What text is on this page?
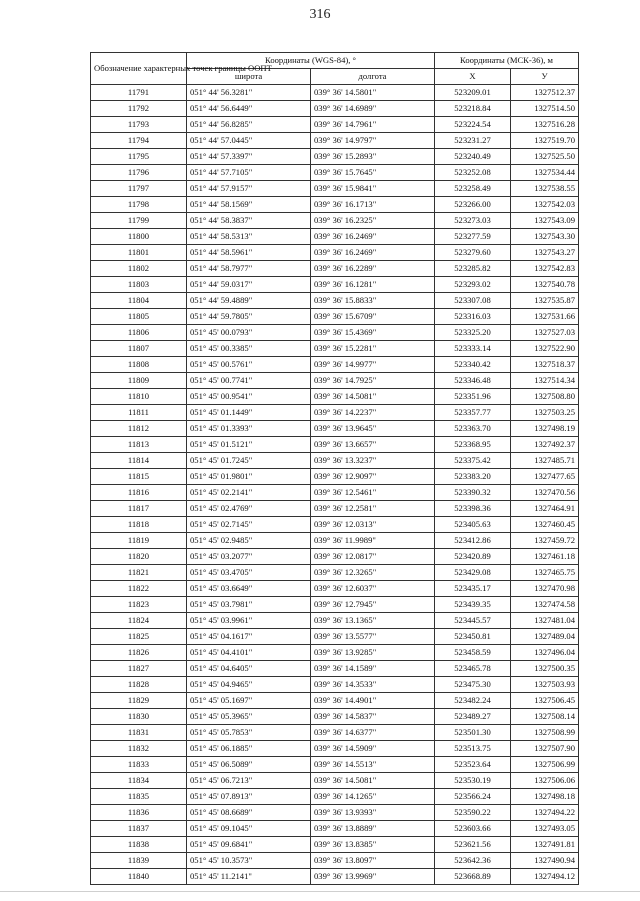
316
Обозначение характерных точек границы ООПТ	Координаты (WGS-84), °		Координаты (МСК-36), м	
	широта	долгота	X	У
11791	051° 44' 56.3281"	039° 36' 14.5801"	523209.01	1327512.37
11792	051° 44' 56.6449"	039° 36' 14.6989"	523218.84	1327514.50
11793	051° 44' 56.8285"	039° 36' 14.7961"	523224.54	1327516.28
11794	051° 44' 57.0445"	039° 36' 14.9797"	523231.27	1327519.70
11795	051° 44' 57.3397"	039° 36' 15.2893"	523240.49	1327525.50
11796	051° 44' 57.7105"	039° 36' 15.7645"	523252.08	1327534.44
11797	051° 44' 57.9157"	039° 36' 15.9841"	523258.49	1327538.55
11798	051° 44' 58.1569"	039° 36' 16.1713"	523266.00	1327542.03
11799	051° 44' 58.3837"	039° 36' 16.2325"	523273.03	1327543.09
11800	051° 44' 58.5313"	039° 36' 16.2469"	523277.59	1327543.30
11801	051° 44' 58.5961"	039° 36' 16.2469"	523279.60	1327543.27
11802	051° 44' 58.7977"	039° 36' 16.2289"	523285.82	1327542.83
11803	051° 44' 59.0317"	039° 36' 16.1281"	523293.02	1327540.78
11804	051° 44' 59.4889"	039° 36' 15.8833"	523307.08	1327535.87
11805	051° 44' 59.7805"	039° 36' 15.6709"	523316.03	1327531.66
11806	051° 45' 00.0793"	039° 36' 15.4369"	523325.20	1327527.03
11807	051° 45' 00.3385"	039° 36' 15.2281"	523333.14	1327522.90
11808	051° 45' 00.5761"	039° 36' 14.9977"	523340.42	1327518.37
11809	051° 45' 00.7741"	039° 36' 14.7925"	523346.48	1327514.34
11810	051° 45' 00.9541"	039° 36' 14.5081"	523351.96	1327508.80
11811	051° 45' 01.1449"	039° 36' 14.2237"	523357.77	1327503.25
11812	051° 45' 01.3393"	039° 36' 13.9645"	523363.70	1327498.19
11813	051° 45' 01.5121"	039° 36' 13.6657"	523368.95	1327492.37
11814	051° 45' 01.7245"	039° 36' 13.3237"	523375.42	1327485.71
11815	051° 45' 01.9801"	039° 36' 12.9097"	523383.20	1327477.65
11816	051° 45' 02.2141"	039° 36' 12.5461"	523390.32	1327470.56
11817	051° 45' 02.4769"	039° 36' 12.2581"	523398.36	1327464.91
11818	051° 45' 02.7145"	039° 36' 12.0313"	523405.63	1327460.45
11819	051° 45' 02.9485"	039° 36' 11.9989"	523412.86	1327459.72
11820	051° 45' 03.2077"	039° 36' 12.0817"	523420.89	1327461.18
11821	051° 45' 03.4705"	039° 36' 12.3265"	523429.08	1327465.75
11822	051° 45' 03.6649"	039° 36' 12.6037"	523435.17	1327470.98
11823	051° 45' 03.7981"	039° 36' 12.7945"	523439.35	1327474.58
11824	051° 45' 03.9961"	039° 36' 13.1365"	523445.57	1327481.04
11825	051° 45' 04.1617"	039° 36' 13.5577"	523450.81	1327489.04
11826	051° 45' 04.4101"	039° 36' 13.9285"	523458.59	1327496.04
11827	051° 45' 04.6405"	039° 36' 14.1589"	523465.78	1327500.35
11828	051° 45' 04.9465"	039° 36' 14.3533"	523475.30	1327503.93
11829	051° 45' 05.1697"	039° 36' 14.4901"	523482.24	1327506.45
11830	051° 45' 05.3965"	039° 36' 14.5837"	523489.27	1327508.14
11831	051° 45' 05.7853"	039° 36' 14.6377"	523501.30	1327508.99
11832	051° 45' 06.1885"	039° 36' 14.5909"	523513.75	1327507.90
11833	051° 45' 06.5089"	039° 36' 14.5513"	523523.64	1327506.99
11834	051° 45' 06.7213"	039° 36' 14.5081"	523530.19	1327506.06
11835	051° 45' 07.8913"	039° 36' 14.1265"	523566.24	1327498.18
11836	051° 45' 08.6689"	039° 36' 13.9393"	523590.22	1327494.22
11837	051° 45' 09.1045"	039° 36' 13.8889"	523603.66	1327493.05
11838	051° 45' 09.6841"	039° 36' 13.8385"	523621.56	1327491.81
11839	051° 45' 10.3573"	039° 36' 13.8097"	523642.36	1327490.94
11840	051° 45' 11.2141"	039° 36' 13.9969"	523668.89	1327494.12
